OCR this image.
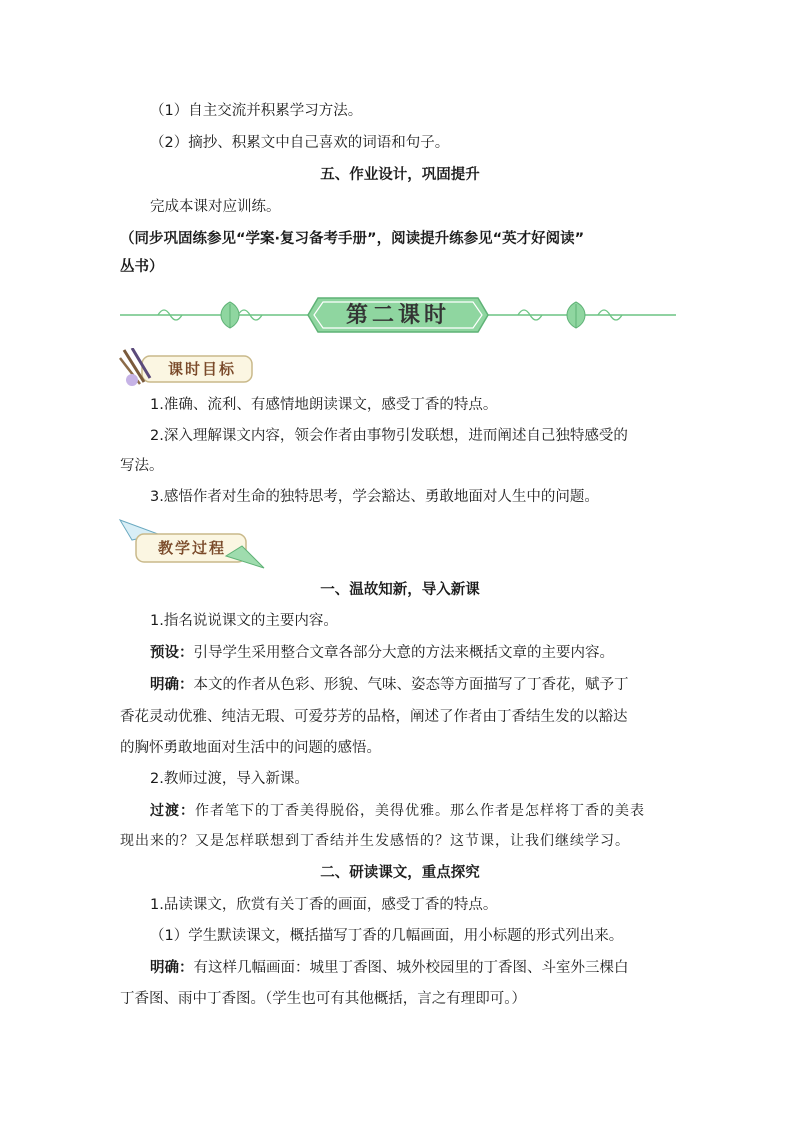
（1）自主交流并积累学习方法。
（2）摘抄、积累文中自己喜欢的词语和句子。
五、作业设计，巩固提升
完成本课对应训练。
（同步巩固练参见“学案·复习备考手册”，阅读提升练参见“英才好阅读”
丛书）
第二课时
课时目标
1.准确、流利、有感情地朗读课文，感受丁香的特点。
2.深入理解课文内容，领会作者由事物引发联想，进而阐述自己独特感受的
写法。
3.感悟作者对生命的独特思考，学会豁达、勇敢地面对人生中的问题。
教学过程
一、温故知新，导入新课
1.指名说说课文的主要内容。
预设：引导学生采用整合文章各部分大意的方法来概括文章的主要内容。
明确：本文的作者从色彩、形貌、气味、姿态等方面描写了丁香花，赋予丁
香花灵动优雅、纯洁无瑕、可爱芬芳的品格，阐述了作者由丁香结生发的以豁达
的胸怀勇敢地面对生活中的问题的感悟。
2.教师过渡，导入新课。
过渡：作者笔下的丁香美得脱俗，美得优雅。那么作者是怎样将丁香的美表
现出来的？又是怎样联想到丁香结并生发感悟的？这节课，让我们继续学习。
二、研读课文，重点探究
1.品读课文，欣赏有关丁香的画面，感受丁香的特点。
（1）学生默读课文，概括描写丁香的几幅画面，用小标题的形式列出来。
明确：有这样几幅画面：城里丁香图、城外校园里的丁香图、斗室外三棵白
丁香图、雨中丁香图。（学生也可有其他概括，言之有理即可。）
